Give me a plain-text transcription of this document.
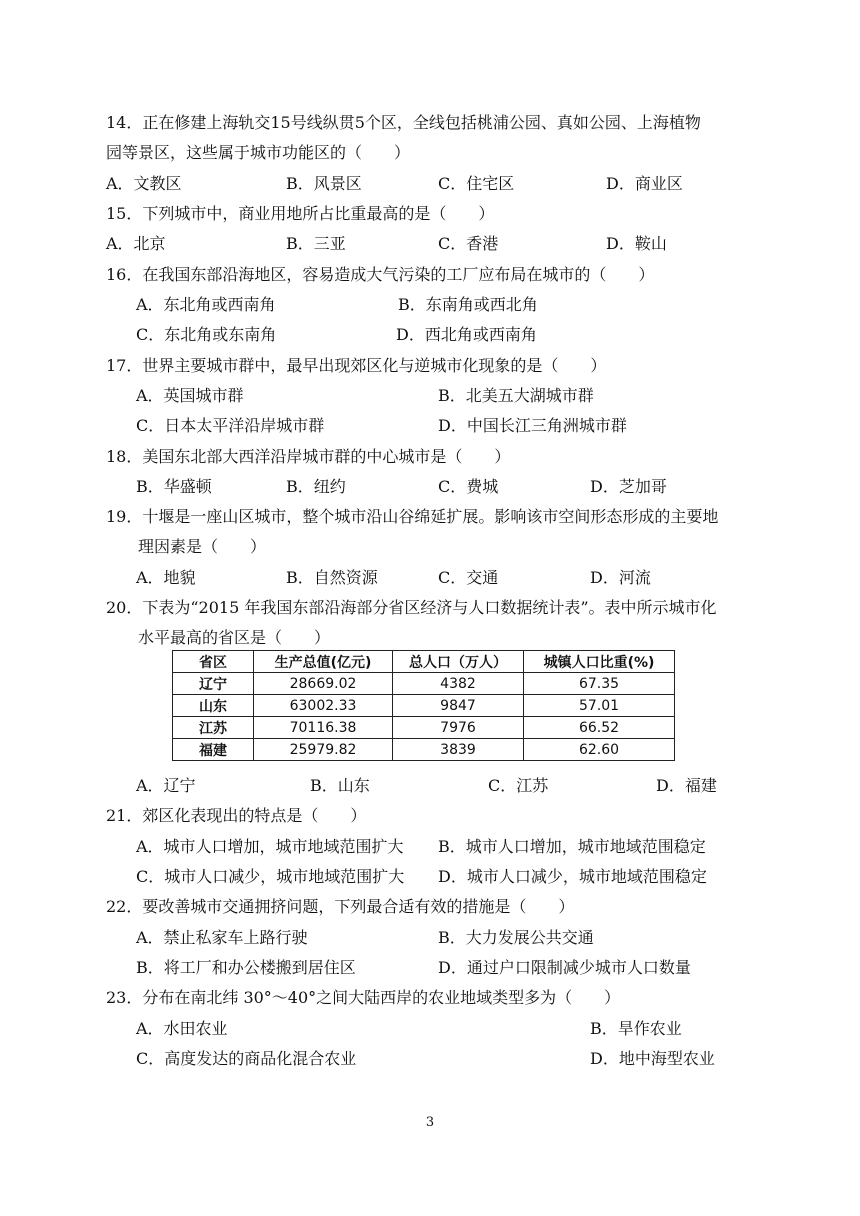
14．正在修建上海轨交15号线纵贯5个区，全线包括桃浦公园、真如公园、上海植物
园等景区，这些属于城市功能区的（　　）
A．文教区	B．风景区	C．住宅区	D．商业区
15．下列城市中，商业用地所占比重最高的是（　　）
A．北京	B．三亚	C．香港	D．鞍山
16．在我国东部沿海地区，容易造成大气污染的工厂应布局在城市的（　　）
A．东北角或西南角	B．东南角或西北角
C．东北角或东南角	D．西北角或西南角
17．世界主要城市群中，最早出现郊区化与逆城市化现象的是（　　）
A．英国城市群	B．北美五大湖城市群
C．日本太平洋沿岸城市群	D．中国长江三角洲城市群
18．美国东北部大西洋沿岸城市群的中心城市是（　　）
B．华盛顿	B．纽约	C．费城	D．芝加哥
19．十堰是一座山区城市，整个城市沿山谷绵延扩展。影响该市空间形态形成的主要地
理因素是（　　）
A．地貌	B．自然资源	C．交通	D．河流
20．下表为“2015 年我国东部沿海部分省区经济与人口数据统计表”。表中所示城市化
水平最高的省区是（　　）
省区	生产总值(亿元)	总人口（万人）	城镇人口比重(%)
辽宁	28669.02	4382	67.35
山东	63002.33	9847	57.01
江苏	70116.38	7976	66.52
福建	25979.82	3839	62.60
A．辽宁	B．山东	C．江苏	D．福建
21．郊区化表现出的特点是（　　）
A．城市人口增加，城市地域范围扩大 B．城市人口增加，城市地域范围稳定
C．城市人口减少，城市地域范围扩大 D．城市人口减少，城市地域范围稳定
22．要改善城市交通拥挤问题，下列最合适有效的措施是（　　）
A．禁止私家车上路行驶	B．大力发展公共交通
B．将工厂和办公楼搬到居住区	D．通过户口限制减少城市人口数量
23．分布在南北纬 30°～40°之间大陆西岸的农业地域类型多为（　　）
A．水田农业	B．旱作农业
C．高度发达的商品化混合农业	D．地中海型农业
3
